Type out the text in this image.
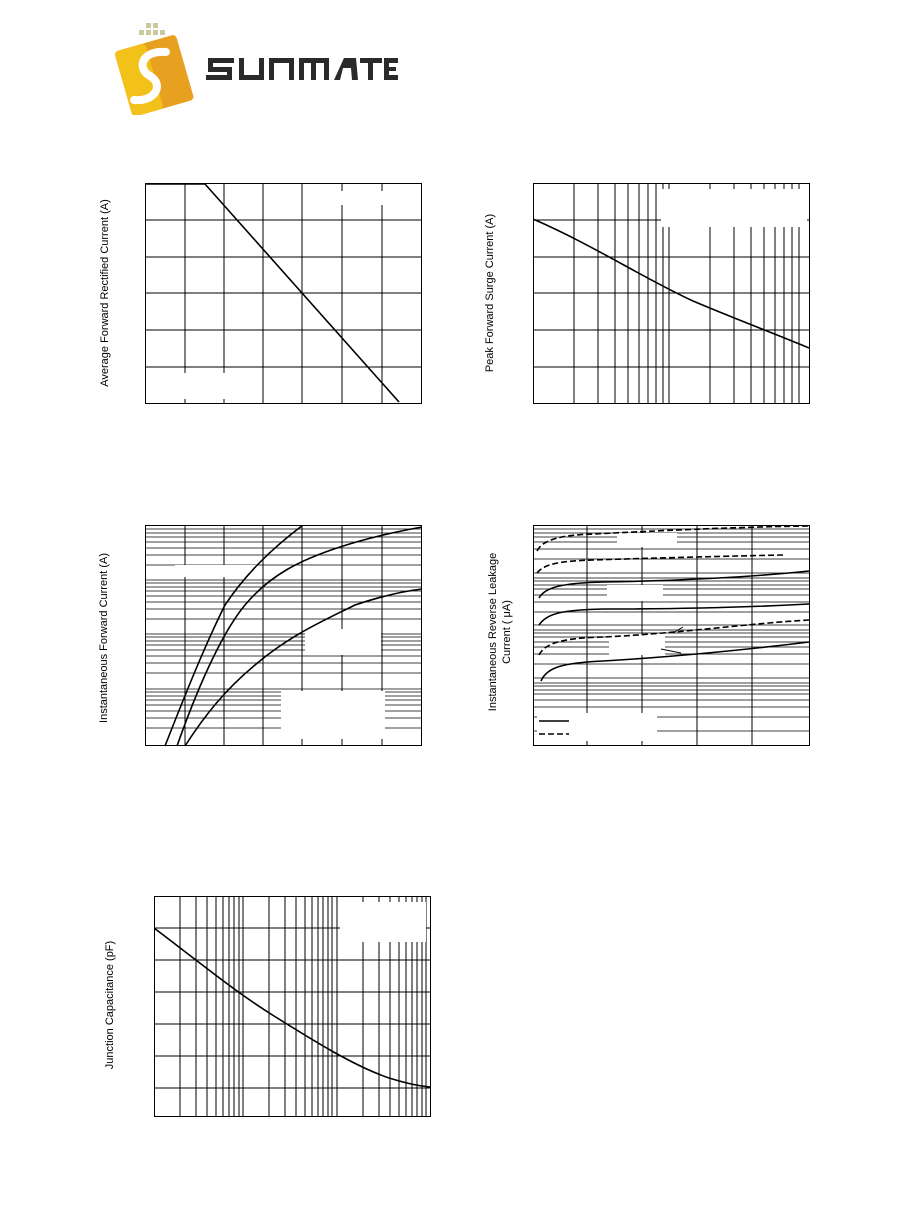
Average Forward Rectified Current (A)	Peak Forward Surge Current (A)
Instantaneous Forward Current (A)	Instantaneous Reverse Leakage Current ( μA)
Junction Capacitance (pF)
